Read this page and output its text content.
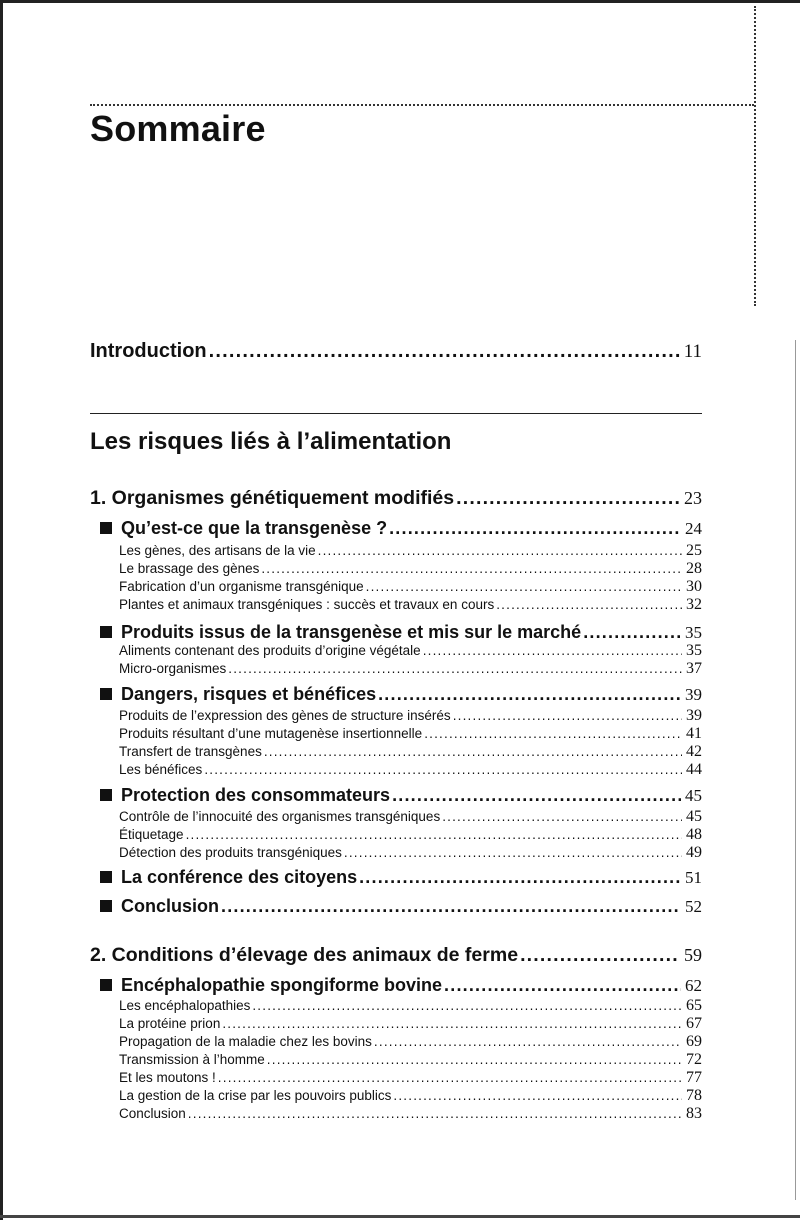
Sommaire
Introduction .....	11
Les risques liés à l’alimentation
1. Organismes génétiquement modifiés .....	23
Qu’est-ce que la transgenèse ? .....	24
Les gènes, des artisans de la vie .....	25
Le brassage des gènes .....	28
Fabrication d’un organisme transgénique .....	30
Plantes et animaux transgéniques : succès et travaux en cours .....	32
Produits issus de la transgenèse et mis sur le marché .....	35
Aliments contenant des produits d’origine végétale .....	35
Micro-organismes .....	37
Dangers, risques et bénéfices .....	39
Produits de l’expression des gènes de structure insérés .....	39
Produits résultant d’une mutagenèse insertionnelle .....	41
Transfert de transgènes .....	42
Les bénéfices .....	44
Protection des consommateurs .....	45
Contrôle de l’innocuité des organismes transgéniques .....	45
Étiquetage .....	48
Détection des produits transgéniques .....	49
La conférence des citoyens .....	51
Conclusion .....	52
2. Conditions d’élevage des animaux de ferme .....	59
Encéphalopathie spongiforme bovine .....	62
Les encéphalopathies .....	65
La protéine prion .....	67
Propagation de la maladie chez les bovins .....	69
Transmission à l’homme .....	72
Et les moutons ! .....	77
La gestion de la crise par les pouvoirs publics .....	78
Conclusion .....	83
